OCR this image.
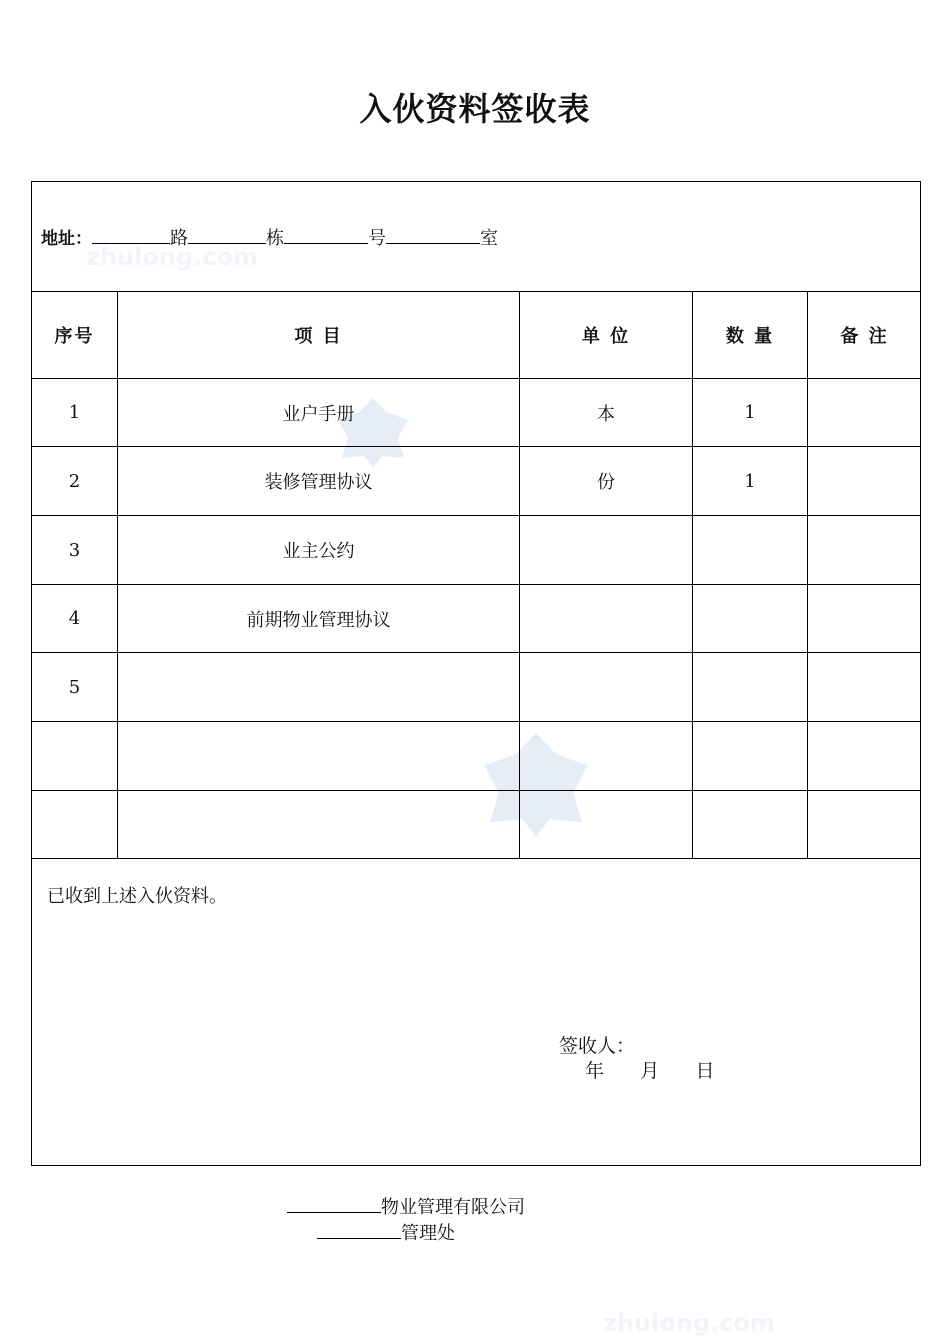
zhulong.com
zhulong.com
入伙资料签收表
地址：	路	栋	号	室
序号	项 目	单 位	数 量	备 注
1	业户手册	本	1
2	装修管理协议	份	1
3	业主公约
4	前期物业管理协议
5
已收到上述入伙资料。
签收人：
年 月 日
物业管理有限公司
管理处
